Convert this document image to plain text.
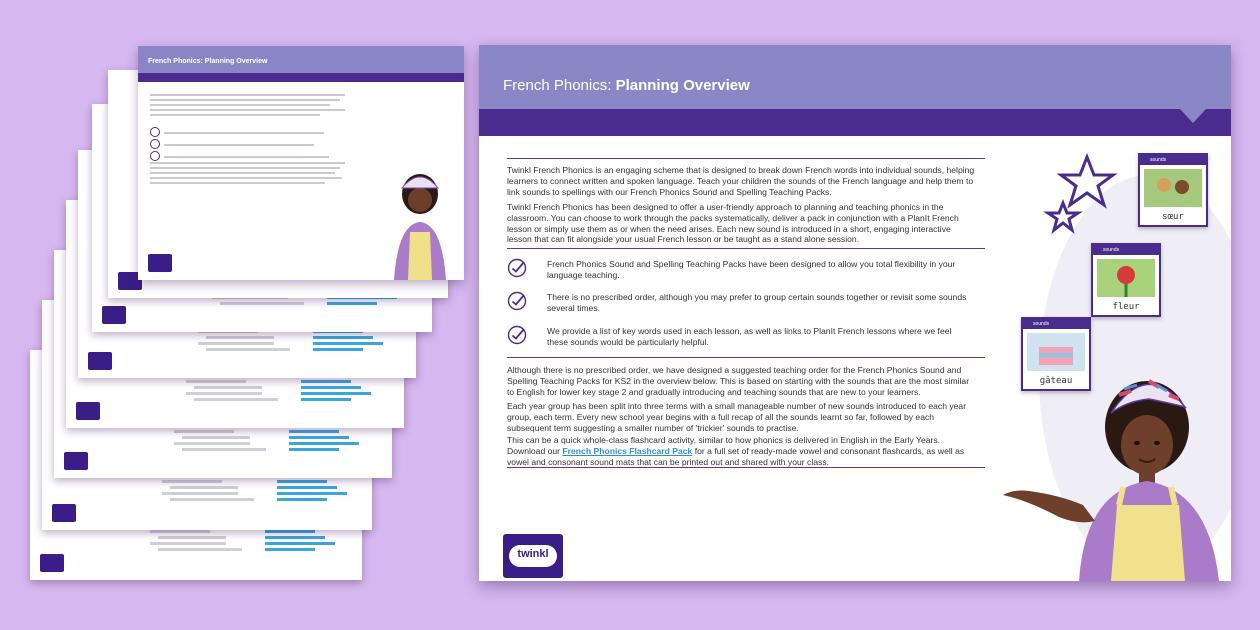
French Phonics: Planning Overview
French Phonics: Planning Overview
Twinkl French Phonics is an engaging scheme that is designed to break down French words into individual sounds, helping learners to connect written and spoken language. Teach your children the sounds of the French language and help them to link sounds to spellings with our French Phonics Sound and Spelling Teaching Packs.
Twinkl French Phonics has been designed to offer a user-friendly approach to planning and teaching phonics in the classroom. You can choose to work through the packs systematically, deliver a pack in conjunction with a PlanIt French lesson or simply use them as or when the need arises. Each new sound is introduced in a short, engaging interactive lesson that can fit alongside your usual French lesson or be taught as a stand alone session.
French Phonics Sound and Spelling Teaching Packs have been designed to allow you total flexibility in your language teaching.
There is no prescribed order, although you may prefer to group certain sounds together or revisit some sounds several times.
We provide a list of key words used in each lesson, as well as links to PlanIt French lessons where we feel these sounds would be particularly helpful.
Although there is no prescribed order, we have designed a suggested teaching order for the French Phonics Sound and Spelling Teaching Packs for KS2 in the overview below. This is based on starting with the sounds that are the most similar to English for lower key stage 2 and gradually introducing and teaching sounds that are new to your learners.
Each year group has been split into three terms with a small manageable number of new sounds introduced to each year group, each term. Every new school year begins with a full recap of all the sounds learnt so far, followed by each subsequent term suggesting a smaller number of 'trickier' sounds to practise.
This can be a quick whole-class flashcard activity, similar to how phonics is delivered in English in the Early Years. Download our French Phonics Flashcard Pack for a full set of ready-made vowel and consonant flashcards, as well as vowel and consonant sound mats that can be printed out and shared with your class.
sounds
sœur
sounds
fleur
sounds
gâteau
twinkl
